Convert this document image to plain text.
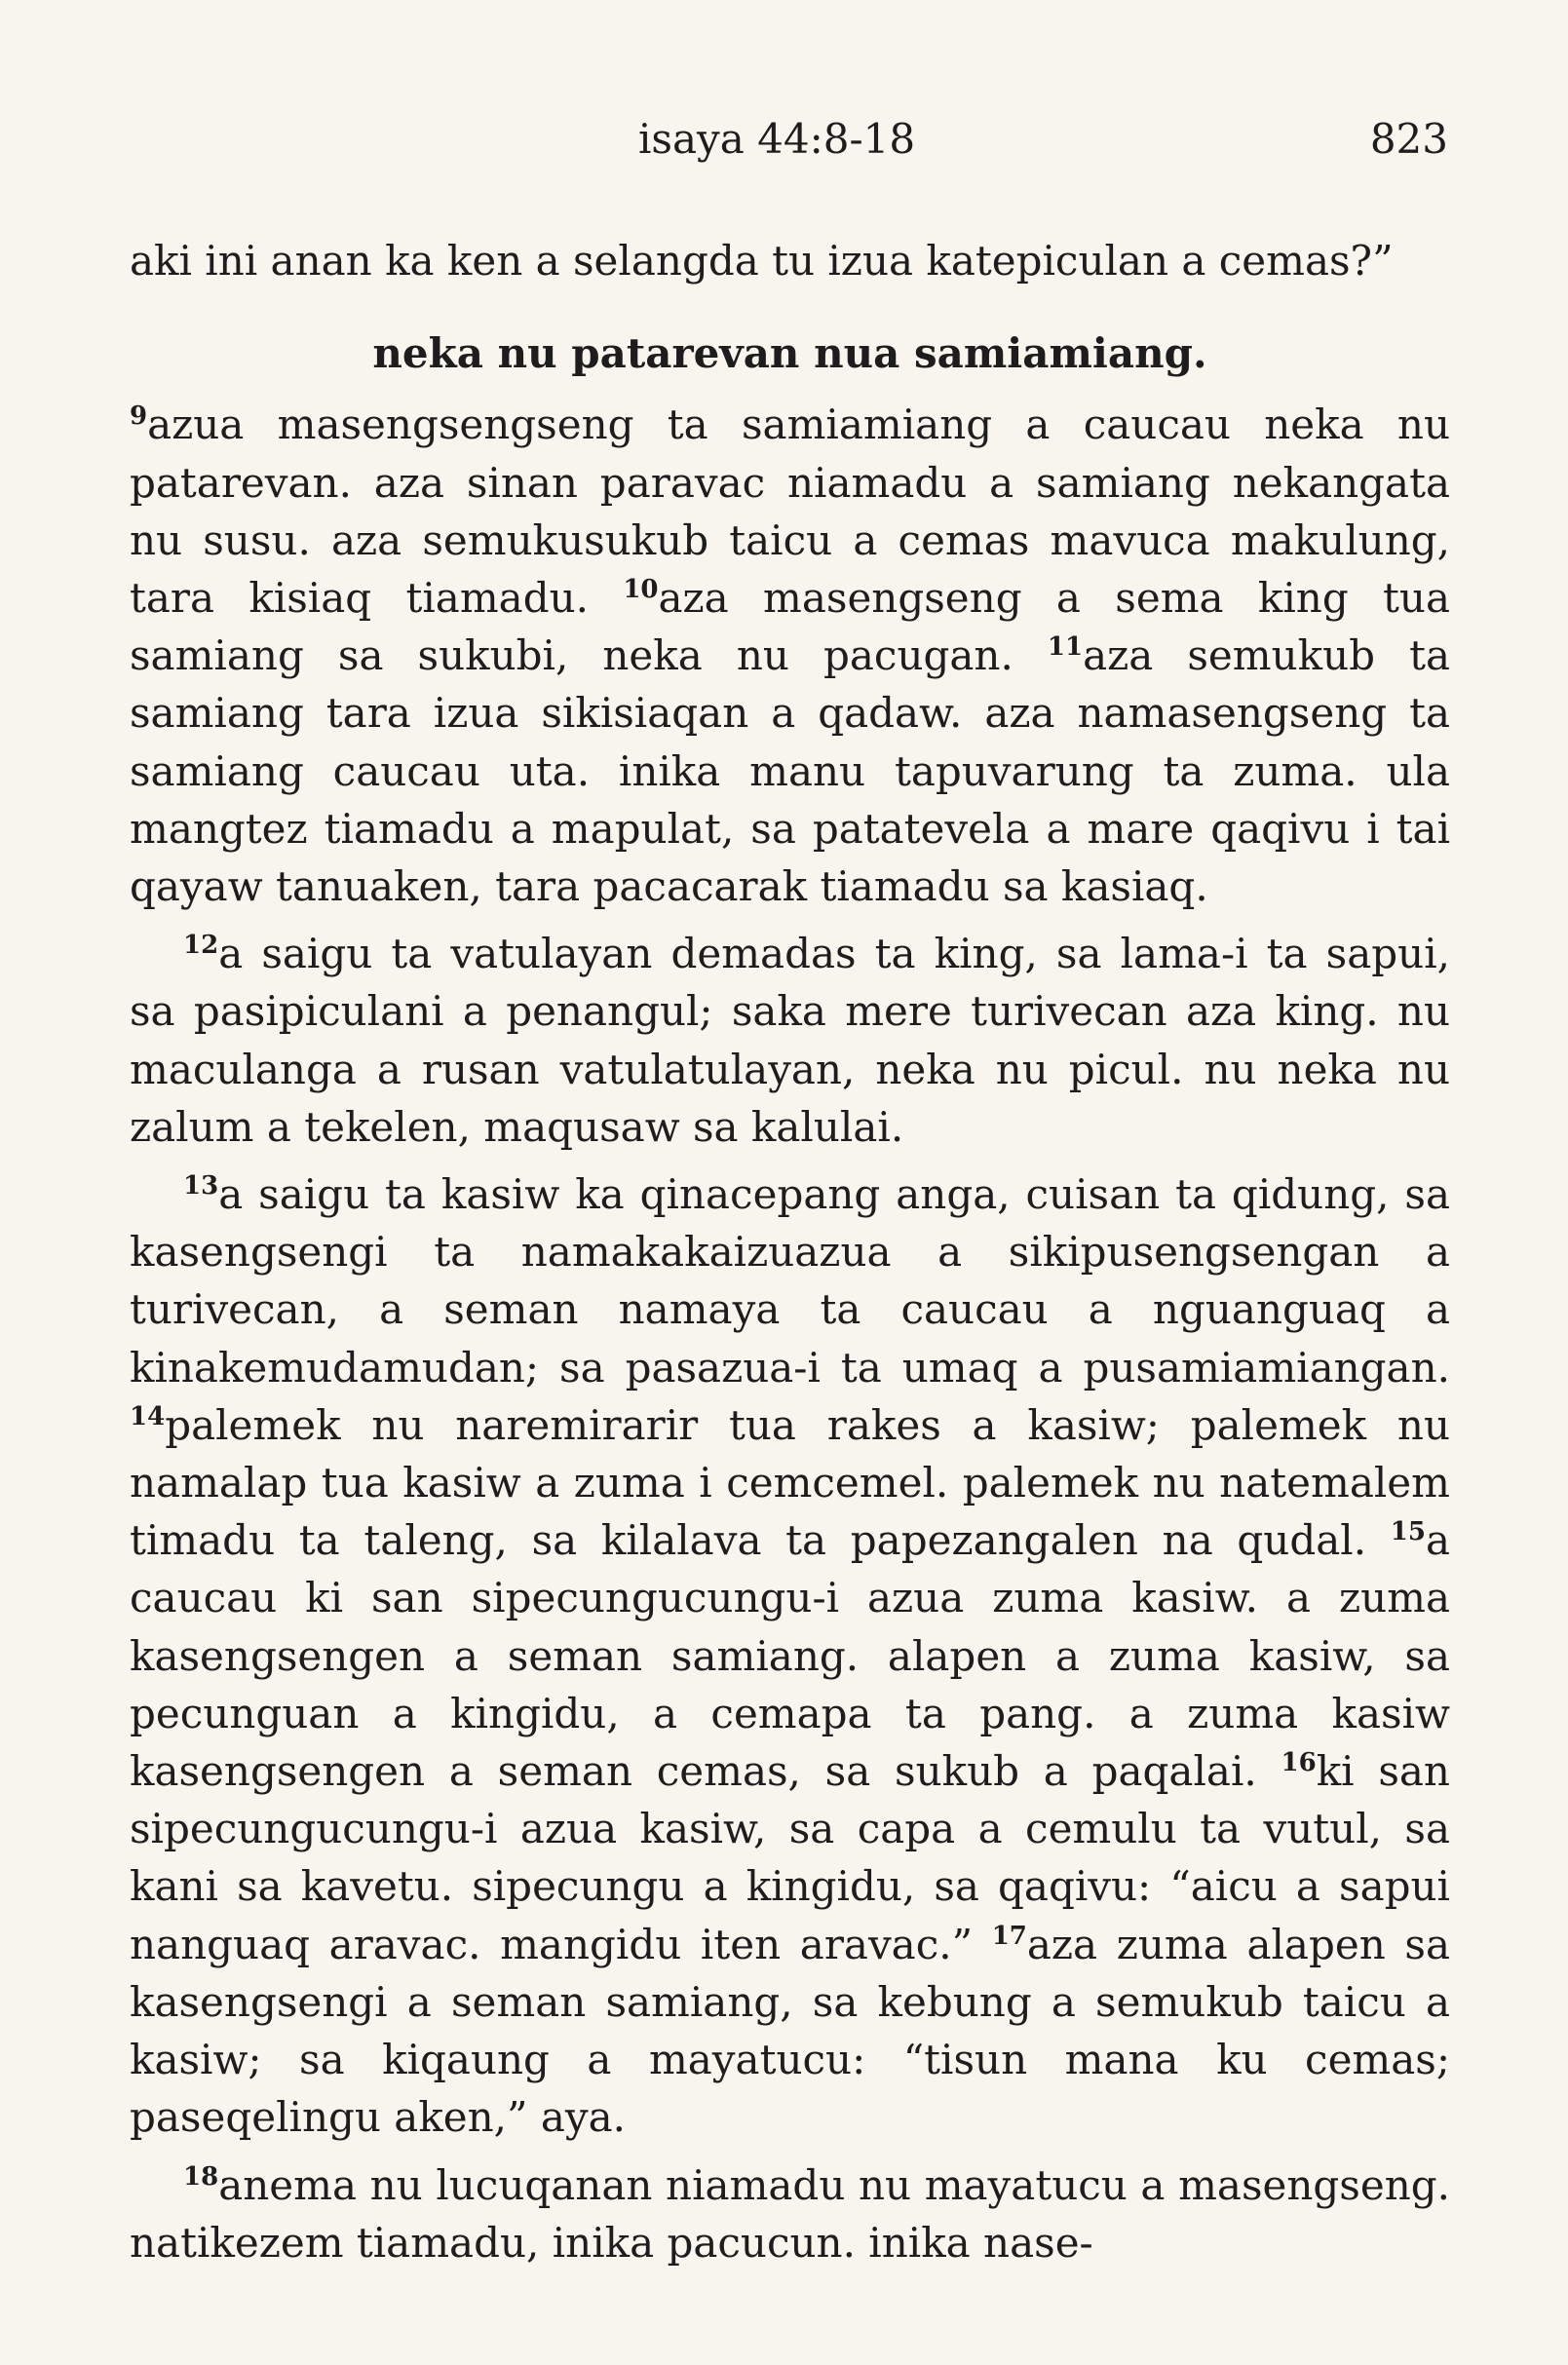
isaya 44:8-18	823

aki ini anan ka ken a selangda tu izua katepiculan a cemas?”

neka nu patarevan nua samiamiang.

$^9$azua masengsengseng ta samiamiang a caucau neka nu patarevan. aza sinan paravac niamadu a samiang nekangata nu susu. aza semukusukub taicu a cemas mavuca makulung, tara kisiaq tiamadu. $^{10}$aza masengseng a sema king tua samiang sa sukubi, neka nu pacugan. $^{11}$aza semukub ta samiang tara izua sikisiaqan a qadaw. aza namasengseng ta samiang caucau uta. inika manu tapuvarung ta zuma. ula mangtez tiamadu a mapulat, sa patatevela a mare qaqivu i tai qayaw tanuaken, tara pacacarak tiamadu sa kasiaq.

$^{12}$a saigu ta vatulayan demadas ta king, sa lama-i ta sapui, sa pasipiculani a penangul; saka mere turivecan aza king. nu maculanga a rusan vatulatulayan, neka nu picul. nu neka nu zalum a tekelen, maqusaw sa kalulai.

$^{13}$a saigu ta kasiw ka qinacepang anga, cuisan ta qidung, sa kasengsengi ta namakakaizuazua a sikipusengsengan a turivecan, a seman namaya ta caucau a nguanguaq a kinakemudamudan; sa pasazua-i ta umaq a pusamiamiangan. $^{14}$palemek nu naremirarir tua rakes a kasiw; palemek nu namalap tua kasiw a zuma i cemcemel. palemek nu natemalem timadu ta taleng, sa kilalava ta papezangalen na qudal. $^{15}$a caucau ki san sipecungucungu-i azua zuma kasiw. a zuma kasengsengen a seman samiang. alapen a zuma kasiw, sa pecunguan a kingidu, a cemapa ta pang. a zuma kasiw kasengsengen a seman cemas, sa sukub a paqalai. $^{16}$ki san sipecungucungu-i azua kasiw, sa capa a cemulu ta vutul, sa kani sa kavetu. sipecungu a kingidu, sa qaqivu: “aicu a sapui nanguaq aravac. mangidu iten aravac.” $^{17}$aza zuma alapen sa kasengsengi a seman samiang, sa kebung a semukub taicu a kasiw; sa kiqaung a mayatucu: “tisun mana ku cemas; paseqelingu aken,” aya.

$^{18}$anema nu lucuqanan niamadu nu mayatucu a masengseng. natikezem tiamadu, inika pacucun. inika nase-
